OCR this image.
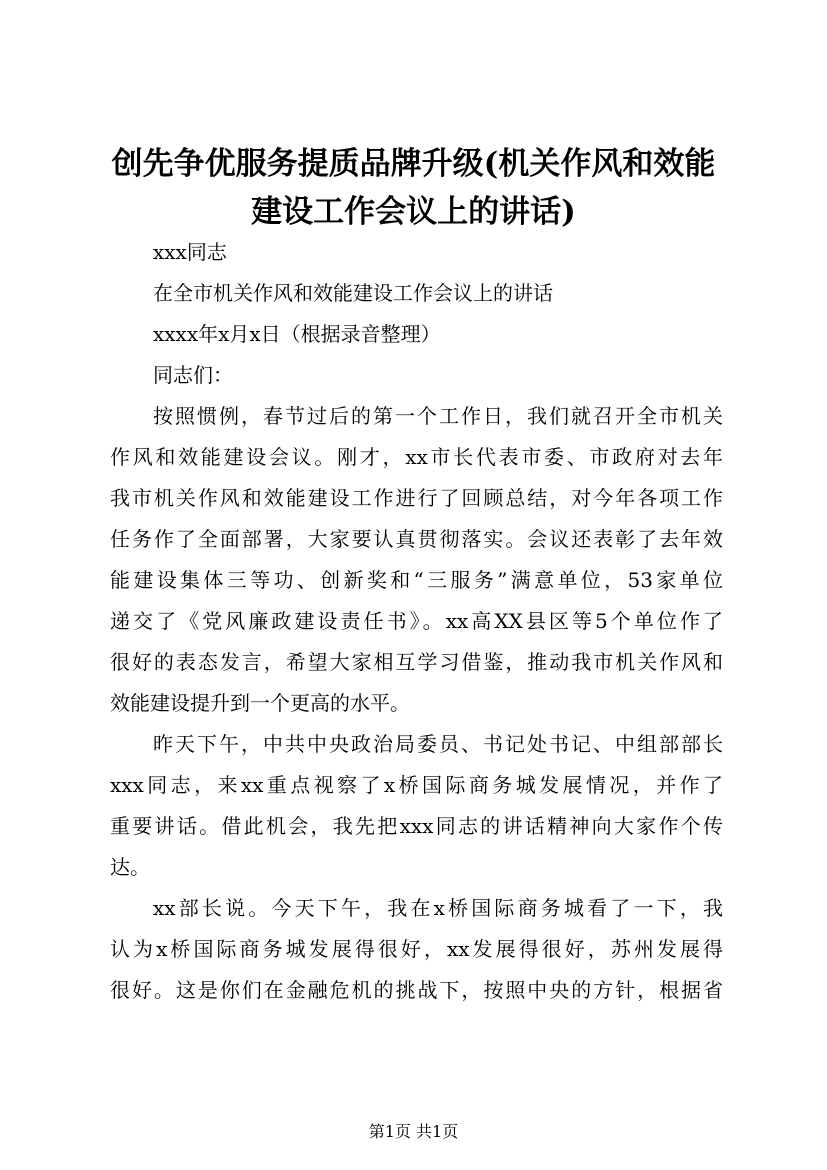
创先争优服务提质品牌升级(机关作风和效能
建设工作会议上的讲话)
xxx同志
在全市机关作风和效能建设工作会议上的讲话
xxxx年x月x日（根据录音整理）
同志们：
按照惯例，春节过后的第一个工作日，我们就召开全市机关
作风和效能建设会议。刚才，xx市长代表市委、市政府对去年
我市机关作风和效能建设工作进行了回顾总结，对今年各项工作
任务作了全面部署，大家要认真贯彻落实。会议还表彰了去年效
能建设集体三等功、创新奖和“三服务”满意单位，53家单位
递交了《党风廉政建设责任书》。xx高XX县区等5个单位作了
很好的表态发言，希望大家相互学习借鉴，推动我市机关作风和
效能建设提升到一个更高的水平。
昨天下午，中共中央政治局委员、书记处书记、中组部部长
xxx同志，来xx重点视察了x桥国际商务城发展情况，并作了
重要讲话。借此机会，我先把xxx同志的讲话精神向大家作个传
达。
xx部长说。今天下午，我在x桥国际商务城看了一下，我
认为x桥国际商务城发展得很好，xx发展得很好，苏州发展得
很好。这是你们在金融危机的挑战下，按照中央的方针，根据省
第1页 共1页
